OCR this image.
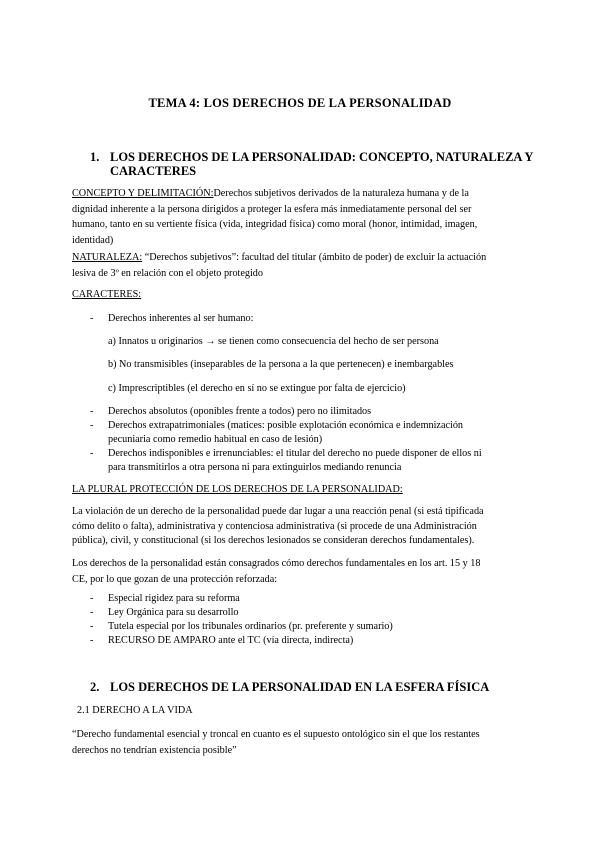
TEMA 4: LOS DERECHOS DE LA PERSONALIDAD
1. LOS DERECHOS DE LA PERSONALIDAD: CONCEPTO, NATURALEZA Y
CARACTERES
CONCEPTO Y DELIMITACIÓN:Derechos subjetivos derivados de la naturaleza humana y de la
dignidad inherente a la persona dirigidos a proteger la esfera más inmediatamente personal del ser
humano, tanto en su vertiente física (vida, integridad física) como moral (honor, intimidad, imagen,
identidad)
NATURALEZA: “Derechos subjetivos”: facultad del titular (ámbito de poder) de excluir la actuación
lesiva de 3º en relación con el objeto protegido
CARACTERES:
- Derechos inherentes al ser humano:
a) Innatos u originarios → se tienen como consecuencia del hecho de ser persona
b) No transmisibles (inseparables de la persona a la que pertenecen) e inembargables
c) Imprescriptibles (el derecho en sí no se extingue por falta de ejercicio)
- Derechos absolutos (oponibles frente a todos) pero no ilimitados
- Derechos extrapatrimoniales (matices: posible explotación económica e indemnización
pecuniaria como remedio habitual en caso de lesión)
- Derechos indisponibles e irrenunciables: el titular del derecho no puede disponer de ellos ni
para transmitirlos a otra persona ni para extinguirlos mediando renuncia
LA PLURAL PROTECCIÓN DE LOS DERECHOS DE LA PERSONALIDAD:
La violación de un derecho de la personalidad puede dar lugar a una reacción penal (si está tipificada
cómo delito o falta), administrativa y contenciosa administrativa (si procede de una Administración
pública), civil, y constitucional (si los derechos lesionados se consideran derechos fundamentales).
Los derechos de la personalidad están consagrados cómo derechos fundamentales en los art. 15 y 18
CE, por lo que gozan de una protección reforzada:
- Especial rigidez para su reforma
- Ley Orgánica para su desarrollo
- Tutela especial por los tribunales ordinarios (pr. preferente y sumario)
- RECURSO DE AMPARO ante el TC (vía directa, indirecta)
2. LOS DERECHOS DE LA PERSONALIDAD EN LA ESFERA FÍSICA
2.1 DERECHO A LA VIDA
“Derecho fundamental esencial y troncal en cuanto es el supuesto ontológico sin el que los restantes
derechos no tendrían existencia posible”
